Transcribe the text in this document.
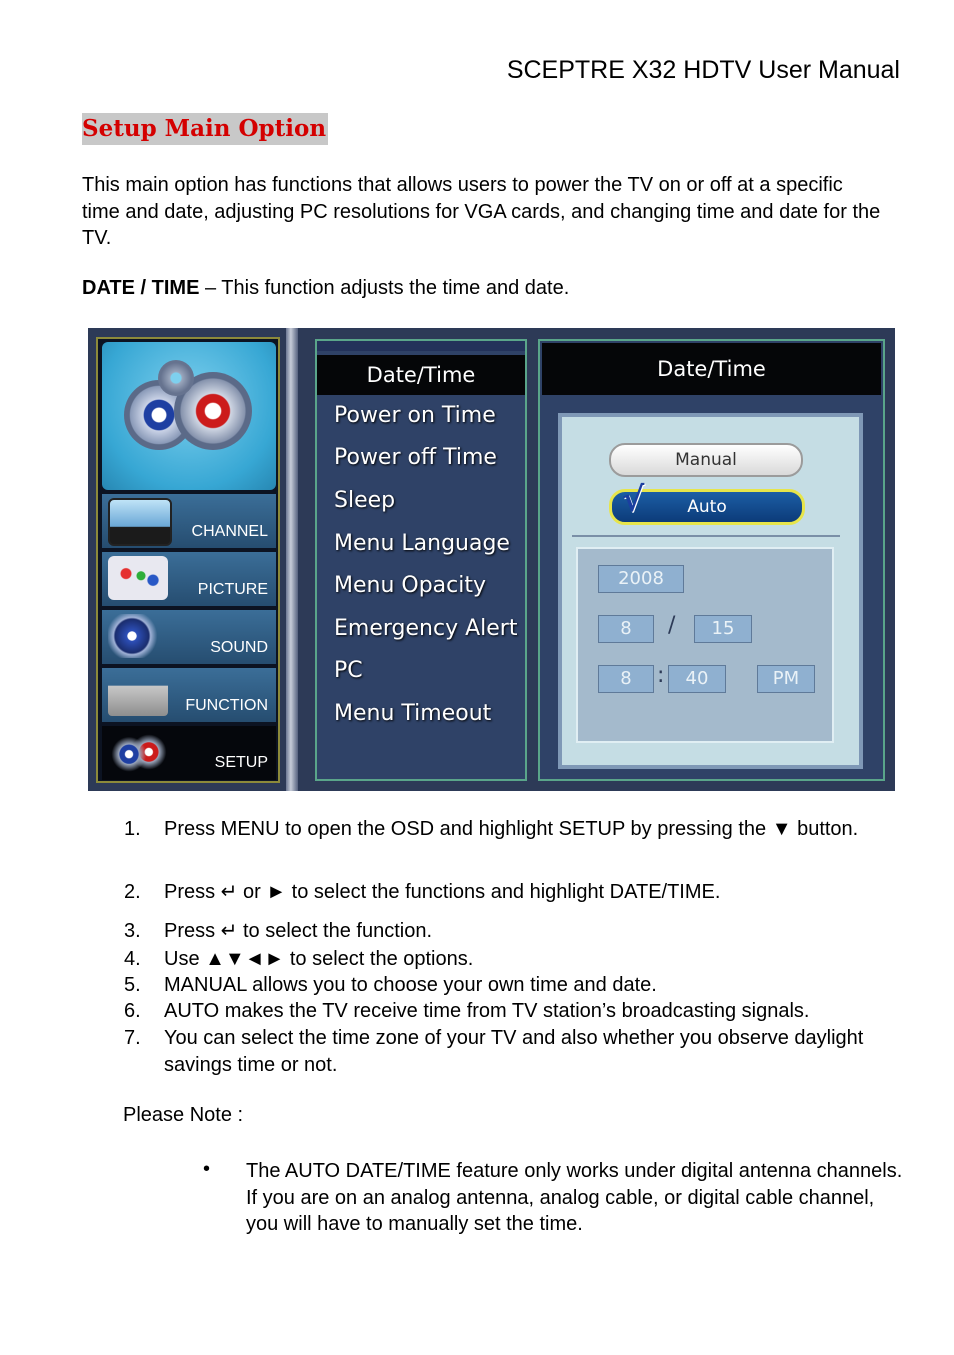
SCEPTRE X32 HDTV User Manual
Setup Main Option
This main option has functions that allows users to power the TV on or off at a specific time and date, adjusting PC resolutions for VGA cards, and changing time and date for the TV.
DATE / TIME – This function adjusts the time and date.
CHANNEL
PICTURE
SOUND
FUNCTION
SETUP
Date/Time
Power on Time
Power off Time
Sleep
Menu Language
Menu Opacity
Emergency Alert
PC
Menu Timeout
Date/Time
Manual
√	Auto
2008
8	/	15
8	:	40	PM
1. Press MENU to open the OSD and highlight SETUP by pressing the ▼ button.
2. Press ↵ or ► to select the functions and highlight DATE/TIME.
3. Press ↵ to select the function.
4. Use ▲▼◄► to select the options.
5. MANUAL allows you to choose your own time and date.
6. AUTO makes the TV receive time from TV station’s broadcasting signals.
7. You can select the time zone of your TV and also whether you observe daylight savings time or not.
Please Note :
• The AUTO DATE/TIME feature only works under digital antenna channels. If you are on an analog antenna, analog cable, or digital cable channel, you will have to manually set the time.
